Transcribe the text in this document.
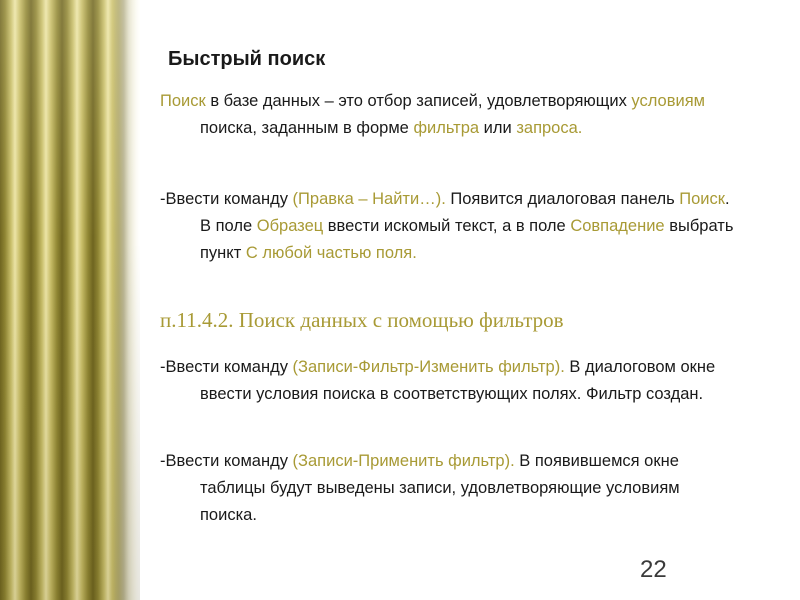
Быстрый поиск
Поиск в базе данных – это отбор записей, удовлетворяющих условиям поиска, заданным в форме фильтра или запроса.
-Ввести команду (Правка – Найти…). Появится диалоговая панель Поиск. В поле Образец ввести искомый текст, а в поле Совпадение выбрать пункт С любой частью поля.
п.11.4.2. Поиск данных с помощью фильтров
-Ввести команду (Записи-Фильтр-Изменить фильтр). В диалоговом окне ввести условия поиска в соответствующих полях. Фильтр создан.
-Ввести команду (Записи-Применить фильтр). В появившемся окне таблицы будут выведены записи, удовлетворяющие условиям поиска.
22
